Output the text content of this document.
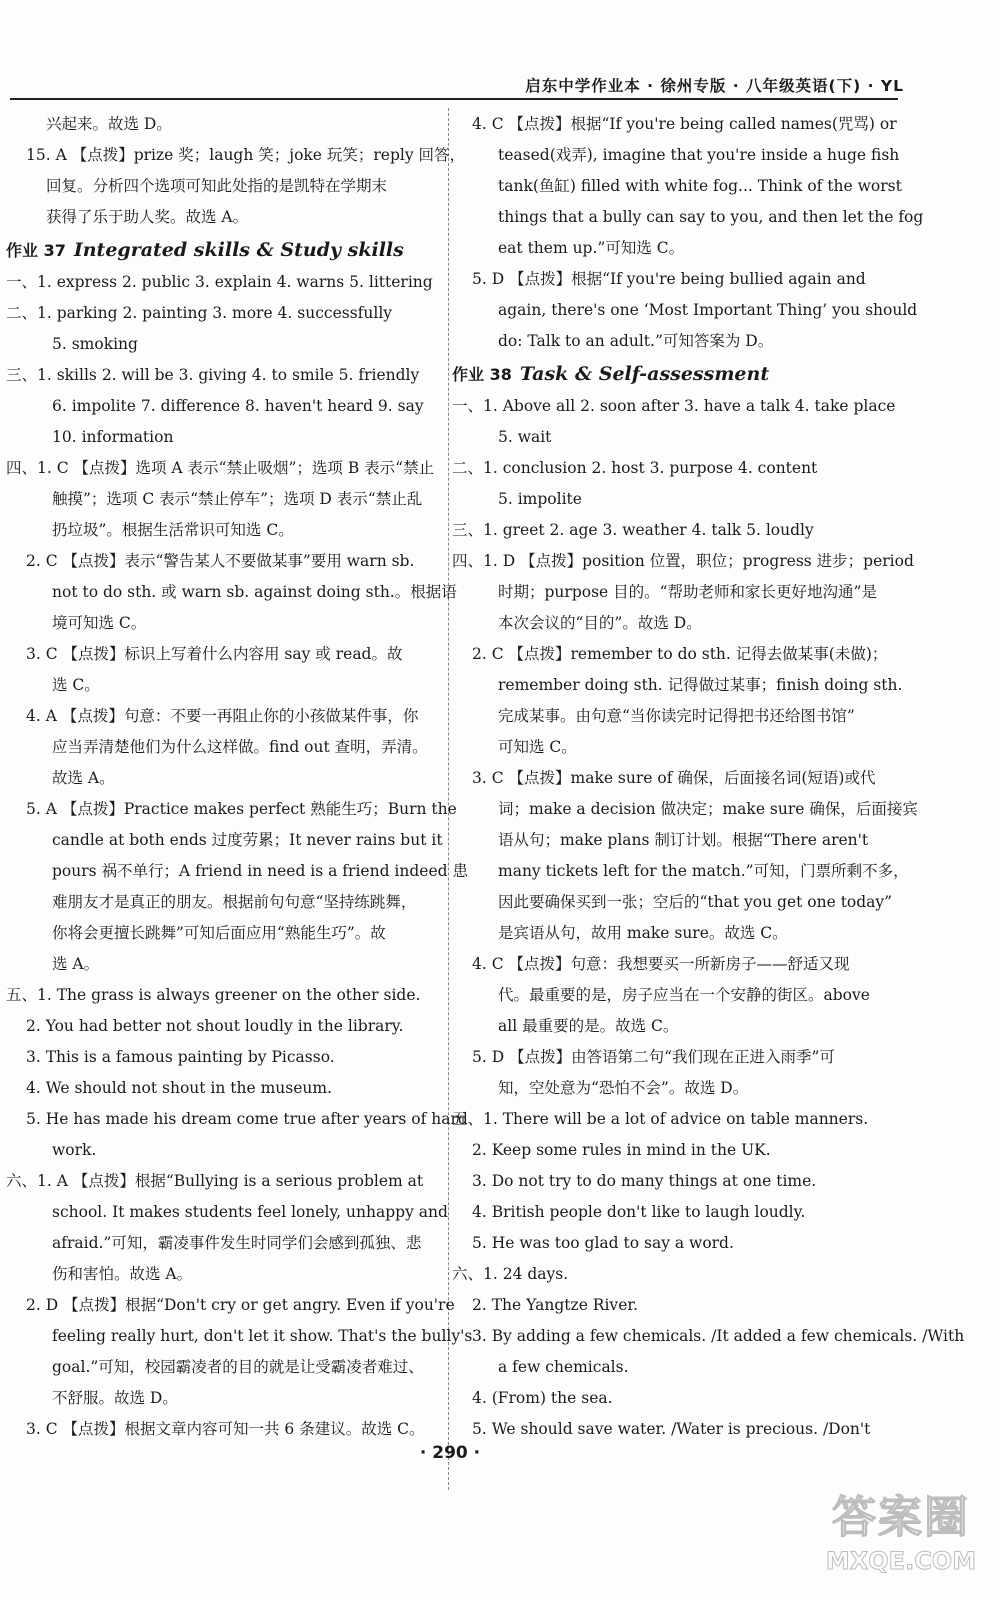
启东中学作业本 · 徐州专版 · 八年级英语(下) · YL
兴起来。故选 D。
15. A 【点拨】prize 奖；laugh 笑；joke 玩笑；reply 回答，
回复。分析四个选项可知此处指的是凯特在学期末
获得了乐于助人奖。故选 A。
作业 37 Integrated skills & Study skills
一、1. express 2. public 3. explain 4. warns 5. littering
二、1. parking 2. painting 3. more 4. successfully
5. smoking
三、1. skills 2. will be 3. giving 4. to smile 5. friendly
6. impolite 7. difference 8. haven't heard 9. say
10. information
四、1. C 【点拨】选项 A 表示“禁止吸烟”；选项 B 表示“禁止
触摸”；选项 C 表示“禁止停车”；选项 D 表示“禁止乱
扔垃圾”。根据生活常识可知选 C。
2. C 【点拨】表示“警告某人不要做某事”要用 warn sb.
not to do sth. 或 warn sb. against doing sth.。根据语
境可知选 C。
3. C 【点拨】标识上写着什么内容用 say 或 read。故
选 C。
4. A 【点拨】句意：不要一再阻止你的小孩做某件事，你
应当弄清楚他们为什么这样做。find out 查明，弄清。
故选 A。
5. A 【点拨】Practice makes perfect 熟能生巧；Burn the
candle at both ends 过度劳累；It never rains but it
pours 祸不单行；A friend in need is a friend indeed 患
难朋友才是真正的朋友。根据前句句意“坚持练跳舞，
你将会更擅长跳舞”可知后面应用“熟能生巧”。故
选 A。
五、1. The grass is always greener on the other side.
2. You had better not shout loudly in the library.
3. This is a famous painting by Picasso.
4. We should not shout in the museum.
5. He has made his dream come true after years of hard
work.
六、1. A 【点拨】根据“Bullying is a serious problem at
school. It makes students feel lonely, unhappy and
afraid.”可知，霸凌事件发生时同学们会感到孤独、悲
伤和害怕。故选 A。
2. D 【点拨】根据“Don't cry or get angry. Even if you're
feeling really hurt, don't let it show. That's the bully's
goal.”可知，校园霸凌者的目的就是让受霸凌者难过、
不舒服。故选 D。
3. C 【点拨】根据文章内容可知一共 6 条建议。故选 C。
4. C 【点拨】根据“If you're being called names(咒骂) or
teased(戏弄), imagine that you're inside a huge fish
tank(鱼缸) filled with white fog... Think of the worst
things that a bully can say to you, and then let the fog
eat them up.”可知选 C。
5. D 【点拨】根据“If you're being bullied again and
again, there's one ‘Most Important Thing’ you should
do: Talk to an adult.”可知答案为 D。
作业 38 Task & Self-assessment
一、1. Above all 2. soon after 3. have a talk 4. take place
5. wait
二、1. conclusion 2. host 3. purpose 4. content
5. impolite
三、1. greet 2. age 3. weather 4. talk 5. loudly
四、1. D 【点拨】position 位置，职位；progress 进步；period
时期；purpose 目的。“帮助老师和家长更好地沟通”是
本次会议的“目的”。故选 D。
2. C 【点拨】remember to do sth. 记得去做某事(未做)；
remember doing sth. 记得做过某事；finish doing sth.
完成某事。由句意“当你读完时记得把书还给图书馆”
可知选 C。
3. C 【点拨】make sure of 确保，后面接名词(短语)或代
词；make a decision 做决定；make sure 确保，后面接宾
语从句；make plans 制订计划。根据“There aren't
many tickets left for the match.”可知，门票所剩不多，
因此要确保买到一张；空后的“that you get one today”
是宾语从句，故用 make sure。故选 C。
4. C 【点拨】句意：我想要买一所新房子——舒适又现
代。最重要的是，房子应当在一个安静的街区。above
all 最重要的是。故选 C。
5. D 【点拨】由答语第二句“我们现在正进入雨季”可
知，空处意为“恐怕不会”。故选 D。
五、1. There will be a lot of advice on table manners.
2. Keep some rules in mind in the UK.
3. Do not try to do many things at one time.
4. British people don't like to laugh loudly.
5. He was too glad to say a word.
六、1. 24 days.
2. The Yangtze River.
3. By adding a few chemicals. /It added a few chemicals. /With
a few chemicals.
4. (From) the sea.
5. We should save water. /Water is precious. /Don't
· 290 ·
答案圈
MXQE.COM
